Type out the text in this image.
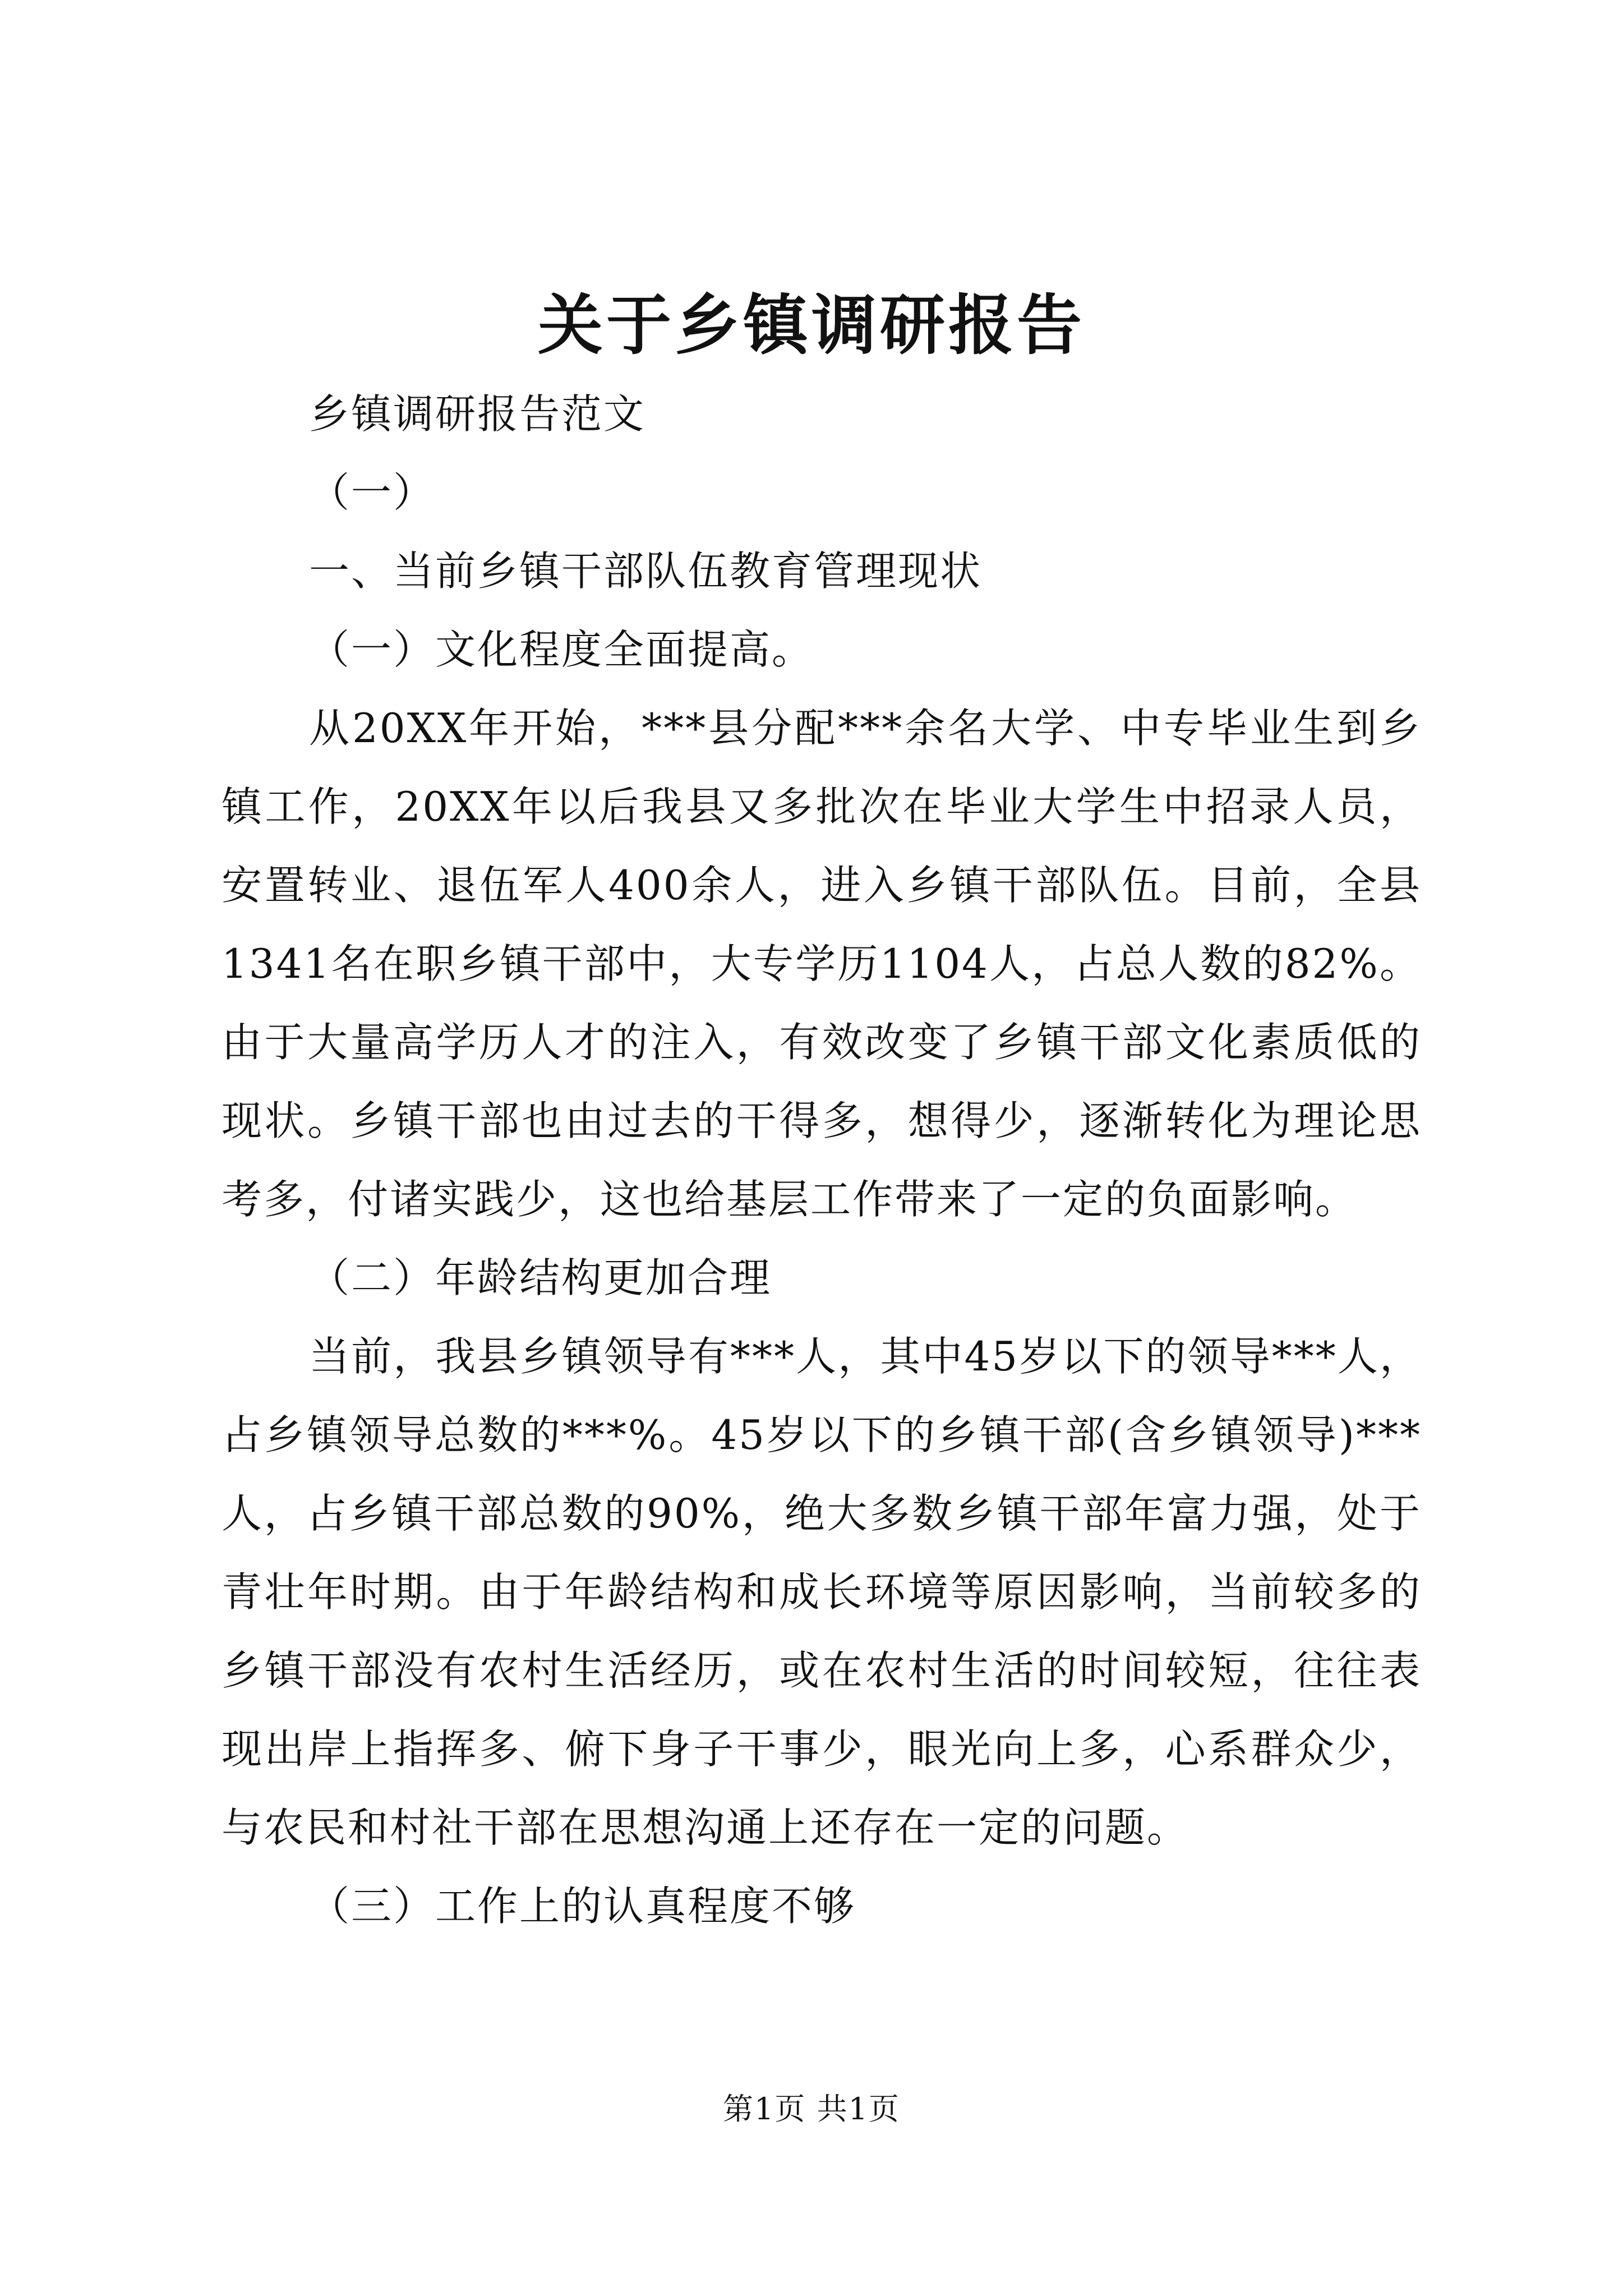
关于乡镇调研报告

乡镇调研报告范文

（一）

一、当前乡镇干部队伍教育管理现状

（一）文化程度全面提高。

从20XX年开始，***县分配***余名大学、中专毕业生到乡镇工作，20XX年以后我县又多批次在毕业大学生中招录人员，安置转业、退伍军人400余人，进入乡镇干部队伍。目前，全县1341名在职乡镇干部中，大专学历1104人，占总人数的82%。由于大量高学历人才的注入，有效改变了乡镇干部文化素质低的现状。乡镇干部也由过去的干得多，想得少，逐渐转化为理论思考多，付诸实践少，这也给基层工作带来了一定的负面影响。

（二）年龄结构更加合理

当前，我县乡镇领导有***人，其中45岁以下的领导***人，占乡镇领导总数的***%。45岁以下的乡镇干部(含乡镇领导)***人，占乡镇干部总数的90%，绝大多数乡镇干部年富力强，处于青壮年时期。由于年龄结构和成长环境等原因影响，当前较多的乡镇干部没有农村生活经历，或在农村生活的时间较短，往往表现出岸上指挥多、俯下身子干事少，眼光向上多，心系群众少，与农民和村社干部在思想沟通上还存在一定的问题。

（三）工作上的认真程度不够

第1页 共1页
